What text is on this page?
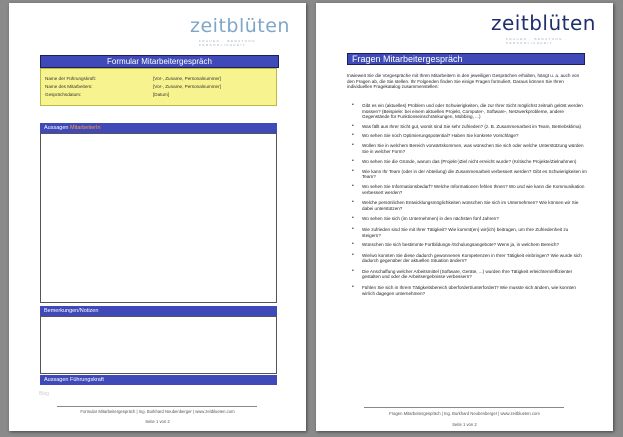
zeitblüten
FRAUEN · BERATUNG · PERSÖNLICHKEIT
Formular Mitarbeitergespräch
Name der Führungskraft:	[Vor-, Zuname, Personalnummer]
Name des Mitarbeiters:	[Vor-, Zuname, Personalnummer]
Gesprächsdatum:	[Datum]
Aussagen MitarbeiterIn
Bemerkungen/Notizen
Aussagen Führungskraft
Blog
Formular Mitarbeitergespräch | Ing. Burkhard Neubenberger | www.zeitblueten.com
Seite 1 von 2
zeitblüten
FRAUEN · BERATUNG · PERSÖNLICHKEIT
Fragen Mitarbeitergespräch
Inwieweit Sie die Vorgespräche mit Ihren Mitarbeitern in den jeweiligen Gesprächen erhalten, hängt u. a. auch von den Fragen ab, die Sie stellen. Ihr Folgenden finden Sie einige Fragen formuliert. Daraus können Sie Ihren individuellen Fragekatalog zusammenstellen:
• Gibt es ein (aktuelles) Problem und oder Schwierigkeiten, die zur Ihrer Sicht möglichst zeitnah gelöst werden müssen? (Beispiele: bei einem aktuellen Projekt, Computer-, Software-, Netzwerkprobleme, andere Gegenstände für Funktionseinschränkungen, Mobbing, ...)
• Was fällt aus Ihrer Sicht gut, womit sind Sie sehr zufrieden? (z. B. Zusammenarbeit im Team, Betriebsklima)
• Wo sehen Sie noch Optimierungspotential? Haben Sie konkrete Vorschläge?
• Wollen Sie in welchem Bereich vorwärtskommen, was wünschen Sie sich oder welche Unterstützung würden Sie in welcher Form?
• Wo sehen Sie die Gründe, warum das (Projekt-)Ziel nicht erreicht wurde? (Kritische Projekte/Zielnahmen)
• Wie kann Ihr Team (oder in der Abteilung) die Zusammenarbeit verbessert werden? Gibt es Schwierigkeiten im Team?
• Wo sehen Sie Informationsbedarf? Welche Informationen fehlen Ihnen? Wo und wie kann die Kommunikation verbessert werden?
• Welche persönlichen Entwicklungsmöglichkeiten wünschen Sie sich im Unternehmen? Wie können wir Sie dabei unterstützen?
• Wo sehen Sie sich (im Unternehmen) in den nächsten fünf Jahren?
• Wie zufrieden sind Sie mit Ihrer Tätigkeit? Wie kommt(en) wir(ich) beitragen, um Ihre Zufriedenheit zu steigern?
• Wünschen Sie sich bestimmte Fortbildungs-/Schulungsangebote? Wenn ja, in welchem Bereich?
• Wie/wo konnten Sie diese dadurch gewonnenen Kompetenzen in Ihrer Tätigkeit einbringen? Wie wurde sich dadurch gegenüber der aktuellen Situation ändern?
• Die Anschaffung welcher Arbeitsmittel (Software, Geräte, ...) wurden Ihre Tätigkeit erleichtern/effizienter gestalten und oder die Arbeitsergebnisse verbessern?
• Fühlen Sie sich in Ihrem Tätigkeitsbereich überfordert/unterfordert? Wie musste sich ändern, wie konnten wir/ich dagegen unternehmen?
Fragen Mitarbeitergespräch | Ing. Burkhard Neubenberger | www.zeitblueten.com
Seite 1 von 2
